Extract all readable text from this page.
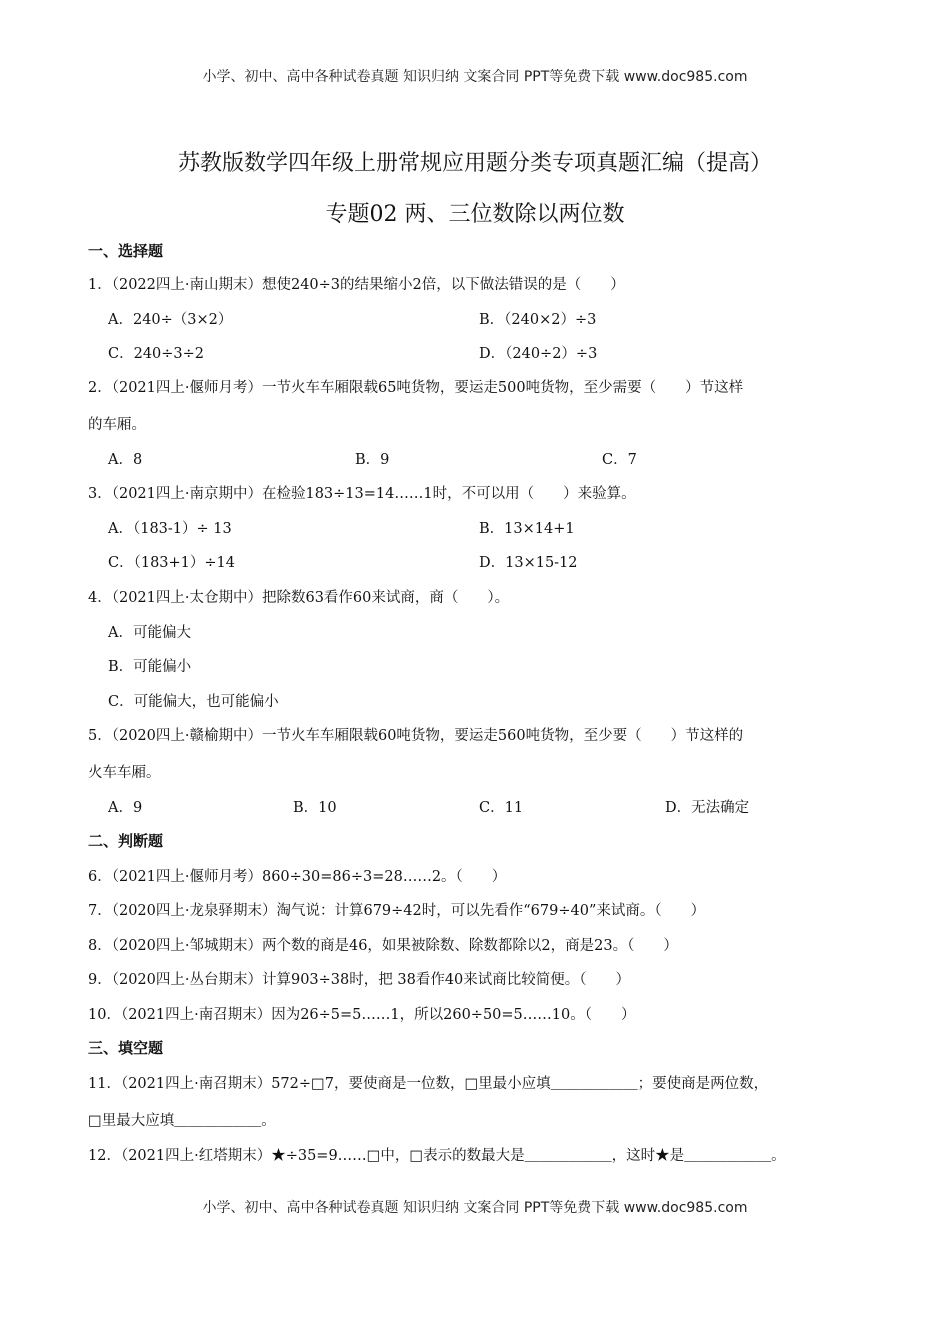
小学、初中、高中各种试卷真题 知识归纳 文案合同 PPT等免费下载 www.doc985.com
苏教版数学四年级上册常规应用题分类专项真题汇编（提高）
专题02 两、三位数除以两位数
一、选择题
1．（2022四上·南山期末）想使240÷3的结果缩小2倍，以下做法错误的是（　　）
A．240÷（3×2）	B．（240×2）÷3
C．240÷3÷2	D．（240÷2）÷3
2．（2021四上·偃师月考）一节火车车厢限载65吨货物，要运走500吨货物，至少需要（　　）节这样
的车厢。
A．8	B．9	C．7
3．（2021四上·南京期中）在检验183÷13=14……1时，不可以用（　　）来验算。
A．（183-1）÷ 13	B．13×14+1
C．（183+1）÷14	D．13×15-12
4．（2021四上·太仓期中）把除数63看作60来试商，商（　　）。
A．可能偏大
B．可能偏小
C．可能偏大，也可能偏小
5．（2020四上·赣榆期中）一节火车车厢限载60吨货物，要运走560吨货物，至少要（　　）节这样的
火车车厢。
A．9	B．10	C．11	D．无法确定
二、判断题
6．（2021四上·偃师月考）860÷30=86÷3=28……2。（　　）
7．（2020四上·龙泉驿期末）淘气说：计算679÷42时，可以先看作“679÷40”来试商。（　　）
8．（2020四上·邹城期末）两个数的商是46，如果被除数、除数都除以2，商是23。（　　）
9．（2020四上·丛台期末）计算903÷38时，把 38看作40来试商比较简便。（　　）
10．（2021四上·南召期末）因为26÷5=5……1，所以260÷50=5……10。（　　）
三、填空题
11．（2021四上·南召期末）572÷□7，要使商是一位数，□里最小应填＿＿＿＿＿＿；要使商是两位数，
□里最大应填＿＿＿＿＿＿。
12．（2021四上·红塔期末）★÷35=9……□中，□表示的数最大是＿＿＿＿＿＿，这时★是＿＿＿＿＿＿。
小学、初中、高中各种试卷真题 知识归纳 文案合同 PPT等免费下载 www.doc985.com
